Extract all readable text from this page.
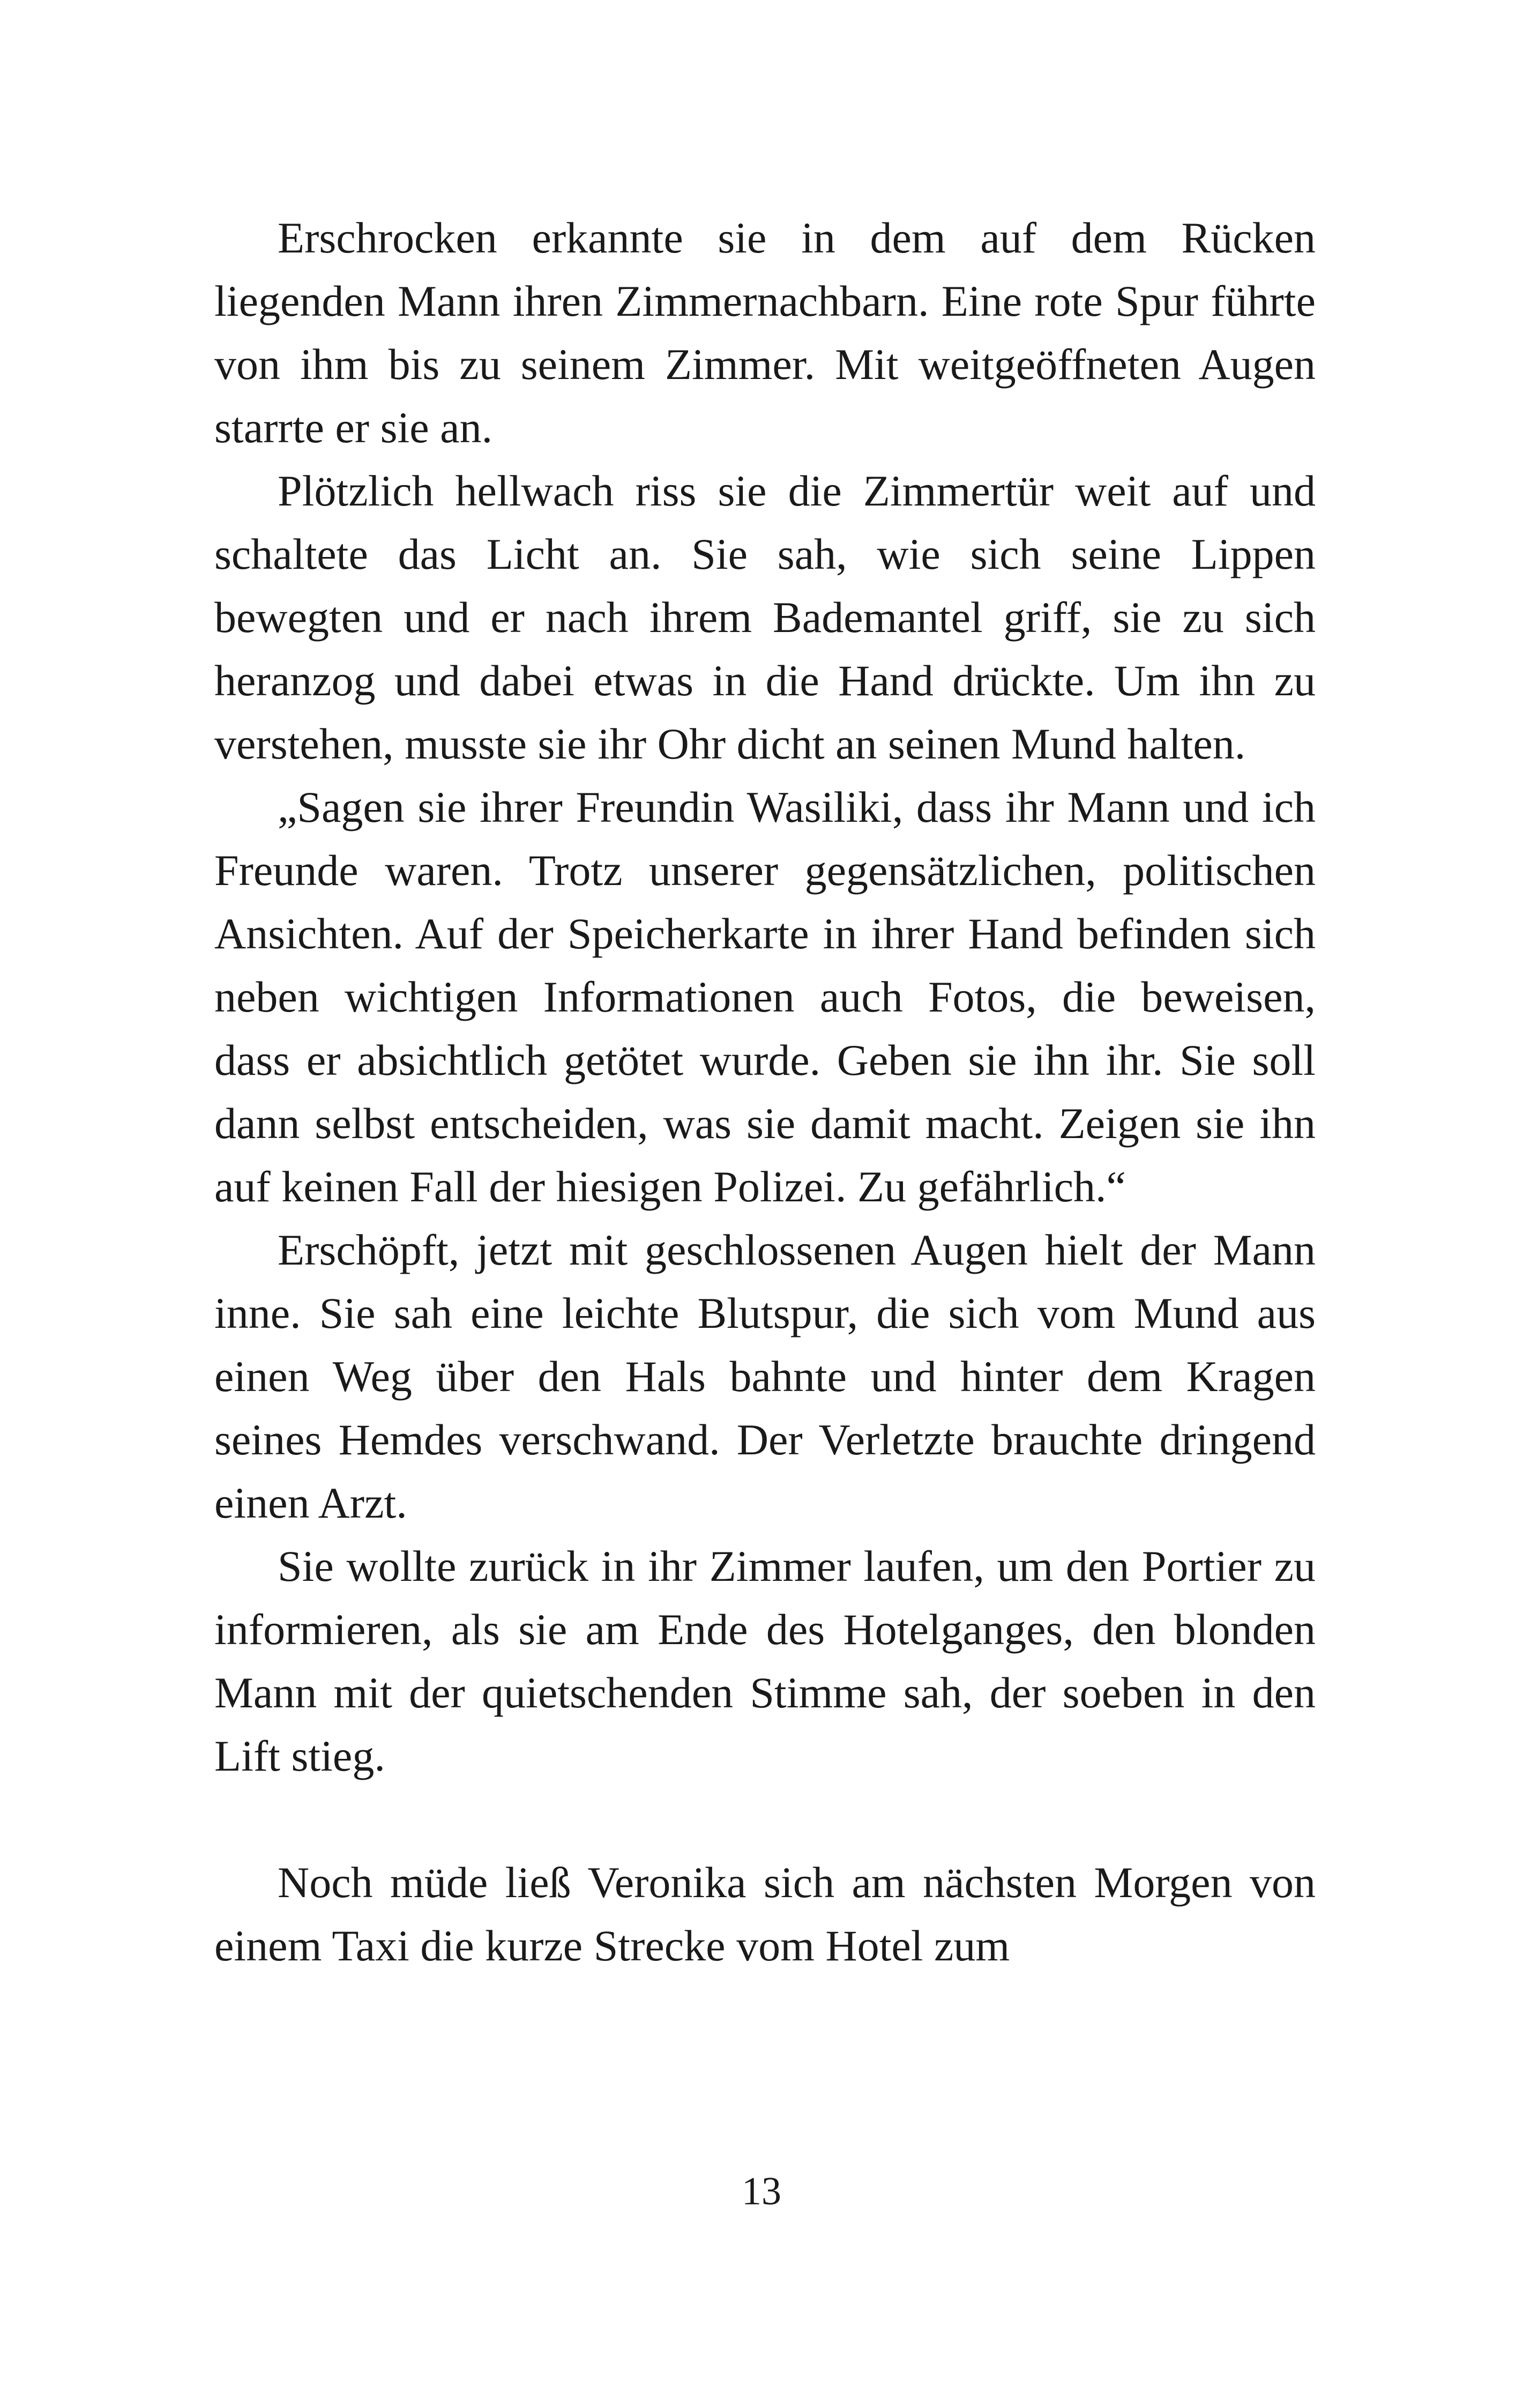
Erschrocken erkannte sie in dem auf dem Rücken liegenden Mann ihren Zimmernachbarn. Eine rote Spur führte von ihm bis zu seinem Zimmer. Mit weitgeöffneten Augen starrte er sie an.

Plötzlich hellwach riss sie die Zimmertür weit auf und schaltete das Licht an. Sie sah, wie sich seine Lippen bewegten und er nach ihrem Bademantel griff, sie zu sich heranzog und dabei etwas in die Hand drückte. Um ihn zu verstehen, musste sie ihr Ohr dicht an seinen Mund halten.

„Sagen sie ihrer Freundin Wasiliki, dass ihr Mann und ich Freunde waren. Trotz unserer gegensätzlichen, politischen Ansichten. Auf der Speicherkarte in ihrer Hand befinden sich neben wichtigen Informationen auch Fotos, die beweisen, dass er absichtlich getötet wurde. Geben sie ihn ihr. Sie soll dann selbst entscheiden, was sie damit macht. Zeigen sie ihn auf keinen Fall der hiesigen Polizei. Zu gefährlich.“

Erschöpft, jetzt mit geschlossenen Augen hielt der Mann inne. Sie sah eine leichte Blutspur, die sich vom Mund aus einen Weg über den Hals bahnte und hinter dem Kragen seines Hemdes verschwand. Der Verletzte brauchte dringend einen Arzt.

Sie wollte zurück in ihr Zimmer laufen, um den Portier zu informieren, als sie am Ende des Hotelganges, den blonden Mann mit der quietschenden Stimme sah, der soeben in den Lift stieg.

Noch müde ließ Veronika sich am nächsten Morgen von einem Taxi die kurze Strecke vom Hotel zum

13
